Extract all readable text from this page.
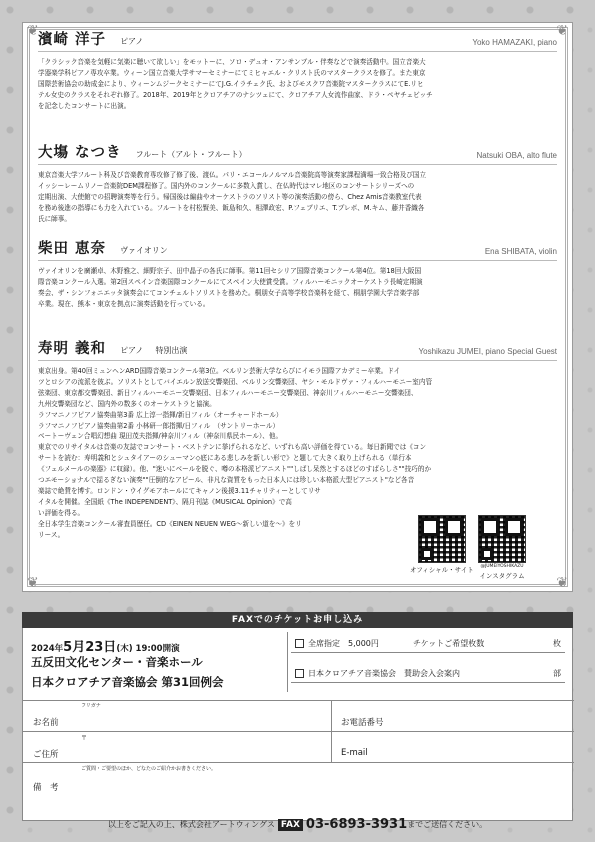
❦	❦
❦	❦
濱崎 洋子 ピアノ	Yoko HAMAZAKI, piano
「クラシック音楽を気軽に気楽に聴いて欲しい」をモットーに、ソロ・デュオ・アンサンブル・伴奏などで演奏活動中。国立音楽大
学器楽学科ピアノ専攻卒業。ウィーン国立音楽大学サマーセミナーにてミヒャエル・クリスト氏のマスタークラスを修了。また東京
国際芸術協会の助成金により、ウィーンムジークセミナーにてJ.G.イラチェク氏、およびモスクワ音楽院マスタークラスにてE.リヒ
テル女史のクラスをそれぞれ修了。2018年、2019年とクロアチアのナシツェにて、クロアチア人女流作曲家、ドラ・ペヤチェビッチ
を記念したコンサートに出演。
大塲 なつき フルート（アルト・フルート）	Natsuki OBA, alto flute
東京音楽大学フルート科及び音楽教育専攻修了修了後、渡仏。パリ・エコールノルマル音楽院高等演奏家課程満場一致合格及び国立
イッシーレームリノー音楽院DEM課程修了。国内外のコンクールに多数入賞し、在仏時代はマレ地区のコンサートシリーズへの
定期出演、大使館での招聘演奏等を行う。帰国後は編曲やオーケストラのソリスト等の演奏活動の傍ら、Chez Amis音楽教室代表
を務め後進の指導にも力を入れている。フルートを村松賢美、飯島和久、相澤政宏、P.フェブリエ、T.プレボ、M.キム、藤井香織各
氏に師事。
柴田 恵奈 ヴァイオリン	Ena SHIBATA, violin
ヴァイオリンを廣瀬卓、木野雅之、細野宗子、田中晶子の各氏に師事。第11回セシリア国際音楽コンクール第4位。第18回大阪国
際音楽コンクール入選。第2回スペイン音楽国際コンクールにてスペイン大使賞受賞。フィルハーモニックオーケストラ長崎定期演
奏会、ザ・シンフォニエッタ演奏会にてコンチェルトソリストを務めた。桐朋女子高等学校音楽科を経て、桐朋学園大学音楽学部
卒業。現在、熊本・東京を拠点に演奏活動を行っている。
寿明 義和 ピアノ 特別出演	Yoshikazu JUMEI, piano Special Guest
東京出身。第40回ミュンヘンARD国際音楽コンクール第3位。ベルリン芸術大学ならびにイモラ国際アカデミー卒業。ドイ
ツとロシアの流派を彼ぶ。ソリストとしてバイエルン放送交響楽団、ベルリン交響楽団、ヤシ・モルドヴァ・フィルハーモニー室内管
弦楽団、東京都交響楽団、新日フィルハーモニー交響楽団、日本フィルハーモニー交響楽団、神奈川フィルハーモニー交響楽団、
九州交響楽団など、国内外の数多くのオーケストラと協演。
ラフマニノフピアノ協奏曲第3番 広上淳一指揮/新日フィル（オーチャードホール）
ラフマニノフピアノ協奏曲第2番 小林研一郎指揮/日フィル　（サントリーホール）
ベートーヴェン合唱幻想曲 現田茂夫指揮/神奈川フィル（神奈川県民ホール）、他。
東京でのリサイタルは音楽の友誌でコンサート・ベストテンに挙げられるなど、いずれも高い評価を得ている。毎日新聞では《コン
サートを読む：寿明義和とシュタイアーのシューマン◇底にある悲しみを新しい形で》と題して大きく取り上げられる（単行本
《フェルメールの楽器》に収録）。他、"迷いにベールを脱ぐ、噂の本格派ピアニスト""しばし呆然とするほどのすばらしさ""技巧的か
つエモーショナルで揺るぎない演奏""圧倒的なアピール、非凡な資質をもった日本人には珍しい本格派大型ピアニスト"など各音
楽誌で絶賛を博す。ロンドン・ウイグモアホールにてキャノン後援3.11チャリティーとしてリサ
イタルを開催。全国紙《The INDEPENDENT》、隔月刊誌《MUSICAL Opinion》で高
い評価を得る。
全日本学生音楽コンクール審査員歴任。CD《EINEN NEUEN WEG～新しい道を～》をリ
リース。
オフィシャル・サイト @JUMEIYOSHIKAZU
インスタグラム
FAXでのチケットお申し込み
2024年5月23日(木) 19:00開演
五反田文化センター・音楽ホール
日本クロアチア音楽協会 第31回例会
全席指定　5,000円	チケットご希望枚数	枚
日本クロアチア音楽協会　賛助会入会案内	部
フリガナ
お名前	お電話番号
〒
ご住所	E-mail
ご質問・ご要望のほか、どなたのご紹介かお書きください。
備　考
以上をご記入の上、株式会社アートウィングス FAX 03-6893-3931までご送信ください。
